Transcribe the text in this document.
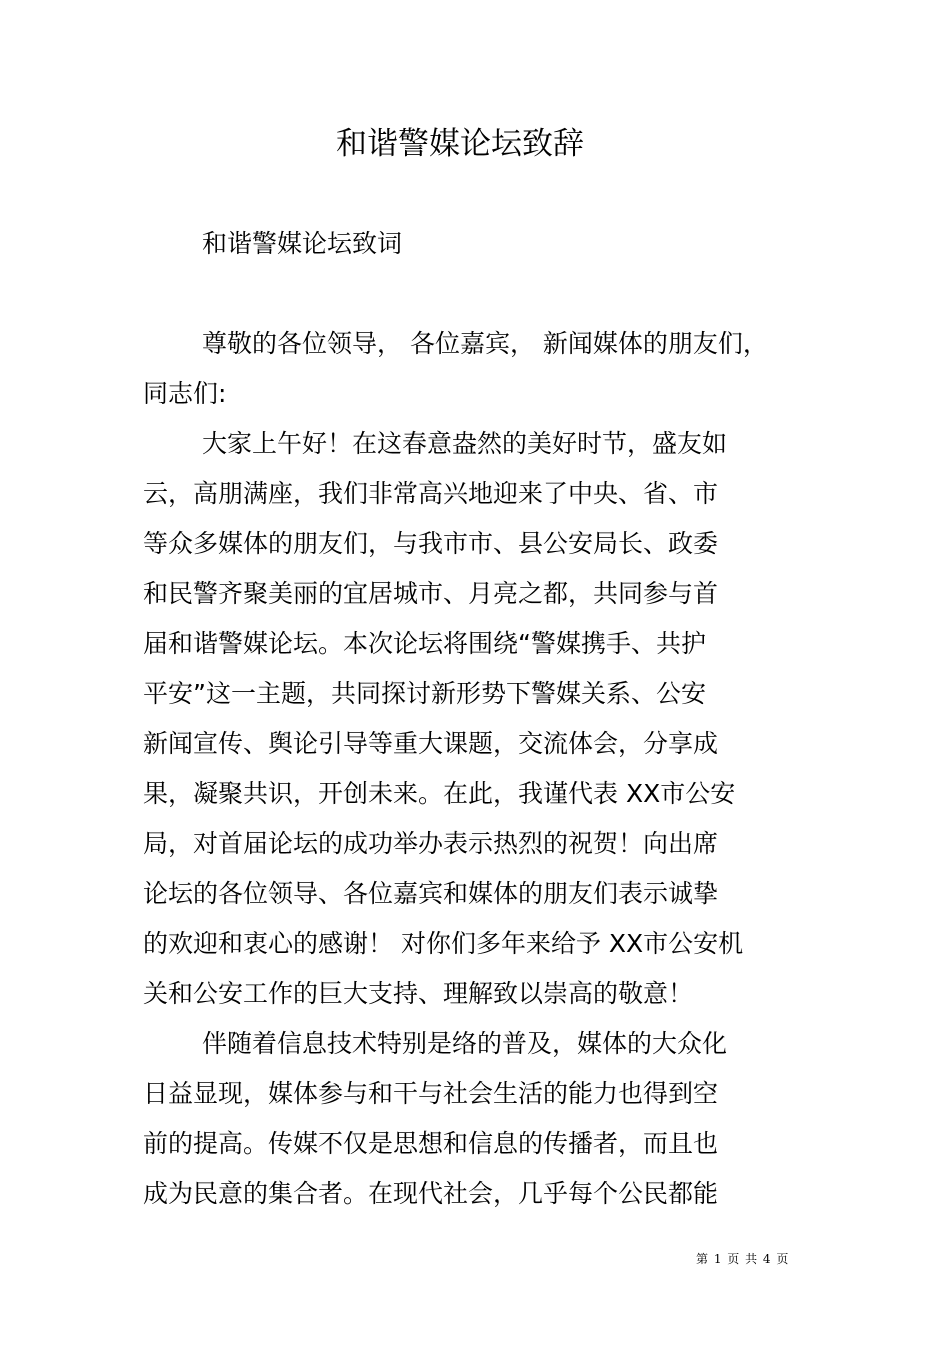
和谐警媒论坛致辞
和谐警媒论坛致词
尊敬的各位领导， 各位嘉宾， 新闻媒体的朋友们，
同志们:
大家上午好！在这春意盎然的美好时节，盛友如
云，高朋满座，我们非常高兴地迎来了中央、省、市
等众多媒体的朋友们，与我市市、县公安局长、政委
和民警齐聚美丽的宜居城市、月亮之都，共同参与首
届和谐警媒论坛。本次论坛将围绕“警媒携手、共护
平安”这一主题，共同探讨新形势下警媒关系、公安
新闻宣传、舆论引导等重大课题，交流体会，分享成
果，凝聚共识，开创未来。在此，我谨代表 XX市公安
局，对首届论坛的成功举办表示热烈的祝贺！向出席
论坛的各位领导、各位嘉宾和媒体的朋友们表示诚挚
的欢迎和衷心的感谢！ 对你们多年来给予 XX市公安机
关和公安工作的巨大支持、理解致以崇高的敬意！
伴随着信息技术特别是络的普及，媒体的大众化
日益显现，媒体参与和干与社会生活的能力也得到空
前的提高。传媒不仅是思想和信息的传播者，而且也
成为民意的集合者。在现代社会，几乎每个公民都能
第 1 页 共 4 页
